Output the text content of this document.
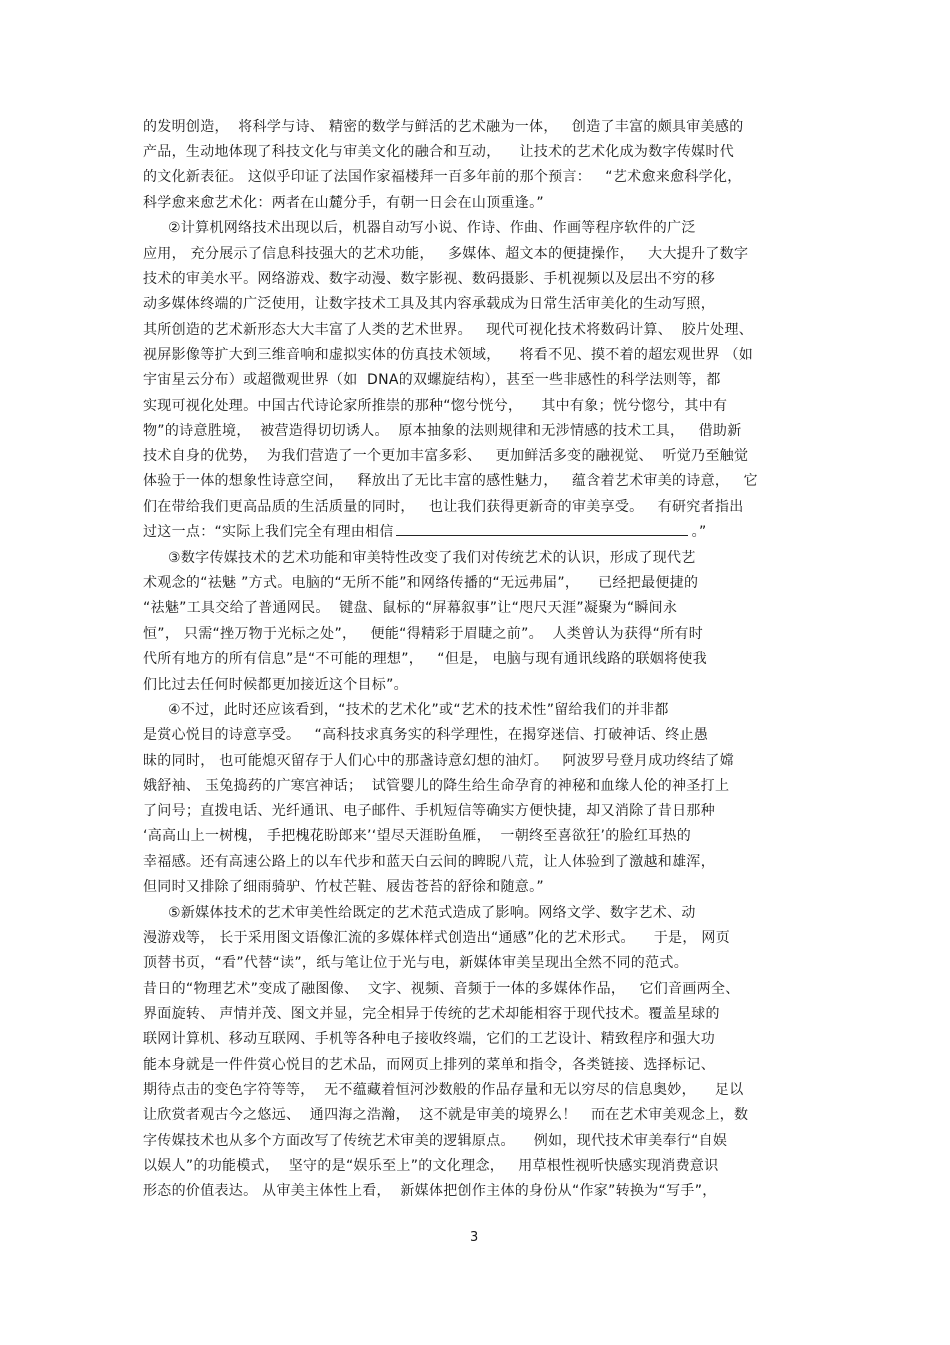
的发明创造，  将科学与诗、 精密的数学与鲜活的艺术融为一体，   创造了丰富的颇具审美感的
产品，生动地体现了科技文化与审美文化的融合和互动，    让技术的艺术化成为数字传媒时代
的文化新表征。 这似乎印证了法国作家福楼拜一百多年前的那个预言：   “艺术愈来愈科学化，
科学愈来愈艺术化：两者在山麓分手，有朝一日会在山顶重逢。”
②计算机网络技术出现以后，机器自动写小说、作诗、作曲、作画等程序软件的广泛
应用， 充分展示了信息科技强大的艺术功能，   多媒体、超文本的便捷操作，   大大提升了数字
技术的审美水平。网络游戏、数字动漫、数字影视、数码摄影、手机视频以及层出不穷的移
动多媒体终端的广泛使用，让数字技术工具及其内容承载成为日常生活审美化的生动写照，
其所创造的艺术新形态大大丰富了人类的艺术世界。   现代可视化技术将数码计算、  胶片处理、
视屏影像等扩大到三维音响和虚拟实体的仿真技术领域，    将看不见、摸不着的超宏观世界 （如
宇宙星云分布）或超微观世界（如  DNA的双螺旋结构），甚至一些非感性的科学法则等，都
实现可视化处理。中国古代诗论家所推崇的那种“惚兮恍兮，    其中有象；恍兮惚兮，其中有
物”的诗意胜境，  被营造得切切诱人。  原本抽象的法则规律和无涉情感的技术工具，   借助新
技术自身的优势，  为我们营造了一个更加丰富多彩、   更加鲜活多变的融视觉、  听觉乃至触觉
体验于一体的想象性诗意空间，   释放出了无比丰富的感性魅力，   蕴含着艺术审美的诗意，   它
们在带给我们更高品质的生活质量的同时，   也让我们获得更新奇的审美享受。   有研究者指出
过这一点：“实际上我们完全有理由相信	。”
③数字传媒技术的艺术功能和审美特性改变了我们对传统艺术的认识，形成了现代艺
术观念的“祛魅 ”方式。电脑的“无所不能”和网络传播的“无远弗届”，    已经把最便捷的
“祛魅”工具交给了普通网民。  键盘、鼠标的“屏幕叙事”让“咫尺天涯”凝聚为“瞬间永
恒”， 只需“挫万物于光标之处”，   便能“得精彩于眉睫之前”。  人类曾认为获得“所有时
代所有地方的所有信息”是“不可能的理想”，   “但是， 电脑与现有通讯线路的联姻将使我
们比过去任何时候都更加接近这个目标”。
④不过，此时还应该看到，“技术的艺术化”或“艺术的技术性”留给我们的并非都
是赏心悦目的诗意享受。   “高科技求真务实的科学理性，在揭穿迷信、打破神话、终止愚
昧的同时， 也可能熄灭留存于人们心中的那盏诗意幻想的油灯。   阿波罗号登月成功终结了嫦
娥舒袖、 玉兔捣药的广寒宫神话；  试管婴儿的降生给生命孕育的神秘和血缘人伦的神圣打上
了问号；直拨电话、光纤通讯、电子邮件、手机短信等确实方便快捷，却又消除了昔日那种
‘高高山上一树槐， 手把槐花盼郎来’‘望尽天涯盼鱼雁，  一朝终至喜欲狂’的脸红耳热的
幸福感。还有高速公路上的以车代步和蓝天白云间的睥睨八荒，让人体验到了激越和雄浑，
但同时又排除了细雨骑驴、竹杖芒鞋、屐齿苍苔的舒徐和随意。”
⑤新媒体技术的艺术审美性给既定的艺术范式造成了影响。网络文学、数字艺术、动
漫游戏等， 长于采用图文语像汇流的多媒体样式创造出“通感”化的艺术形式。    于是， 网页
顶替书页，“看”代替“读”，纸与笔让位于光与电，新媒体审美呈现出全然不同的范式。
昔日的“物理艺术”变成了融图像、  文字、视频、音频于一体的多媒体作品，   它们音画两全、
界面旋转、 声情并茂、图文并显，完全相异于传统的艺术却能相容于现代技术。覆盖星球的
联网计算机、移动互联网、手机等各种电子接收终端，它们的工艺设计、精致程序和强大功
能本身就是一件件赏心悦目的艺术品，而网页上排列的菜单和指令，各类链接、选择标记、
期待点击的变色字符等等，  无不蕴藏着恒河沙数般的作品存量和无以穷尽的信息奥妙，    足以
让欣赏者观古今之悠远、  通四海之浩瀚，  这不就是审美的境界么！   而在艺术审美观念上，数
字传媒技术也从多个方面改写了传统艺术审美的逻辑原点。    例如，现代技术审美奉行“自娱
以娱人”的功能模式，  坚守的是“娱乐至上”的文化理念，   用草根性视听快感实现消费意识
形态的价值表达。 从审美主体性上看，  新媒体把创作主体的身份从“作家”转换为“写手”，
3
